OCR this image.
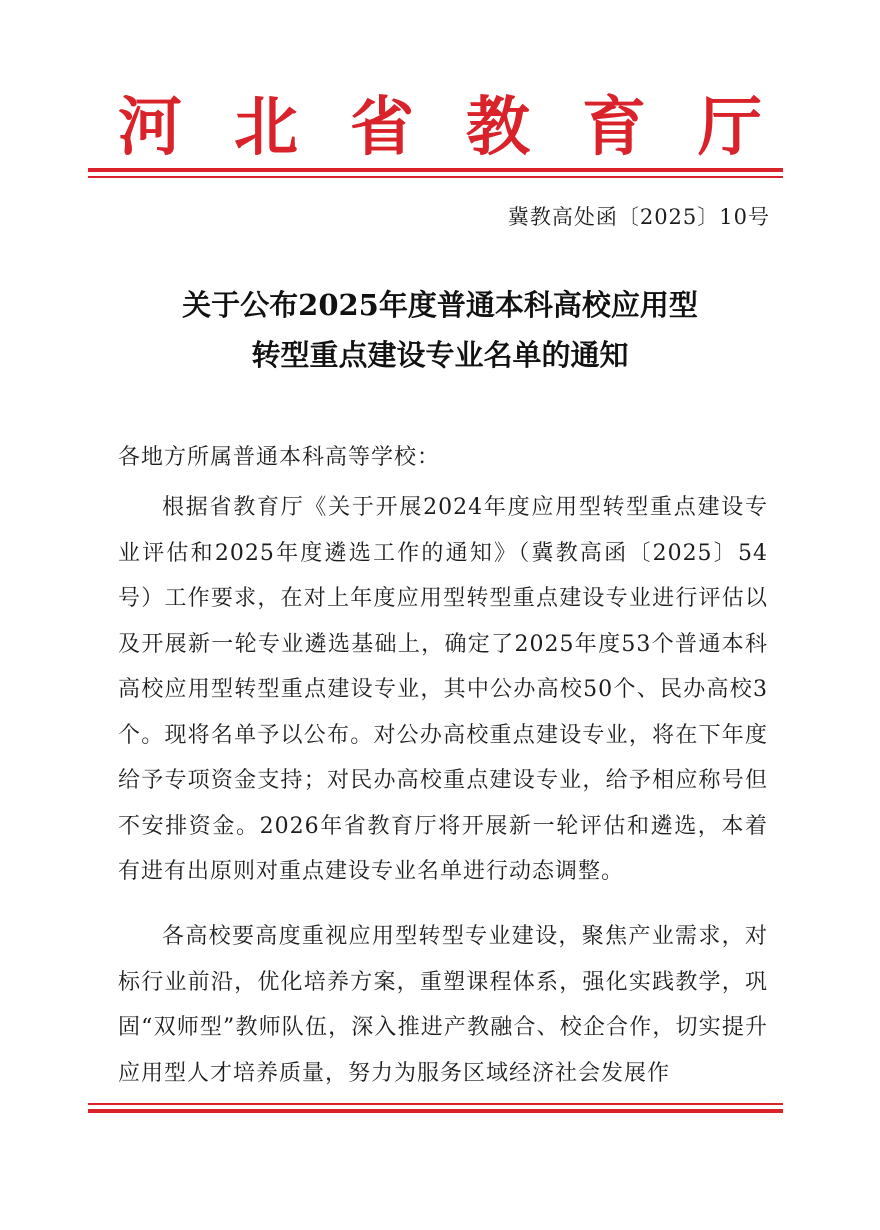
河北省教育厅
冀教高处函〔2025〕10号
关于公布2025年度普通本科高校应用型
转型重点建设专业名单的通知
各地方所属普通本科高等学校：
根据省教育厅《关于开展2024年度应用型转型重点建设专业评估和2025年度遴选工作的通知》（冀教高函〔2025〕54号）工作要求，在对上年度应用型转型重点建设专业进行评估以及开展新一轮专业遴选基础上，确定了2025年度53个普通本科高校应用型转型重点建设专业，其中公办高校50个、民办高校3个。现将名单予以公布。对公办高校重点建设专业，将在下年度给予专项资金支持；对民办高校重点建设专业，给予相应称号但不安排资金。2026年省教育厅将开展新一轮评估和遴选，本着有进有出原则对重点建设专业名单进行动态调整。
各高校要高度重视应用型转型专业建设，聚焦产业需求，对标行业前沿，优化培养方案，重塑课程体系，强化实践教学，巩固“双师型”教师队伍，深入推进产教融合、校企合作，切实提升应用型人才培养质量，努力为服务区域经济社会发展作
